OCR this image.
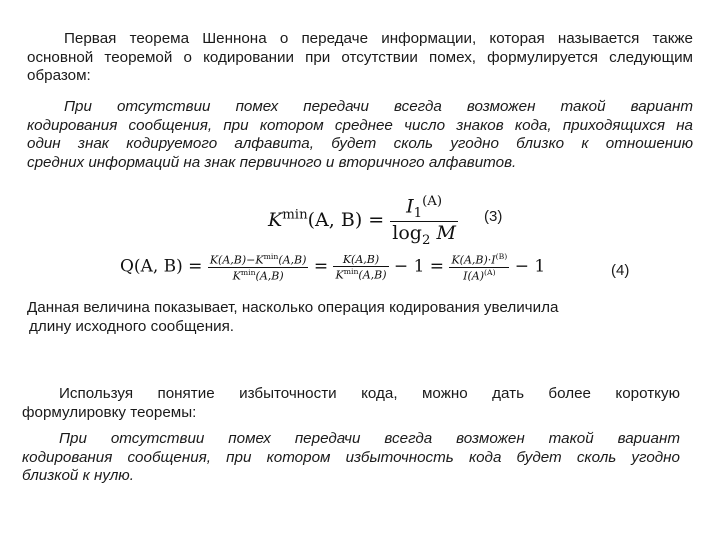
Первая теорема Шеннона о передаче информации, которая называется также
основной теоремой о кодировании при отсутствии помех, формулируется следующим
образом:
При отсутствии помех передачи всегда возможен такой вариант
кодирования сообщения, при котором среднее число знаков кода, приходящихся на
один знак кодируемого алфавита, будет сколь угодно близко к отношению
средних информаций на знак первичного и вторичного алфавитов.
$K^{min}(A$, $B) = \frac{I_1^{(A)}}{\log_2 M} (3)$
Q(A, $B) = \frac{K(A,B)-K^{min}(A,B)}{K^{min}(A,B)} = \frac{K(A,B)}{K^{min}(A,B)} - 1 = \frac{K(A,B)\cdot I^{(B)}}{I(A)^{(A)}} - 1$	(4)
Данная величина показывает, насколько операция кодирования увеличила
длину исходного сообщения.
Используя понятие избыточности кода, можно дать более короткую
формулировку теоремы:
При отсутствии помех передачи всегда возможен такой вариант
кодирования сообщения, при котором избыточность кода будет сколь угодно
близкой к нулю.
